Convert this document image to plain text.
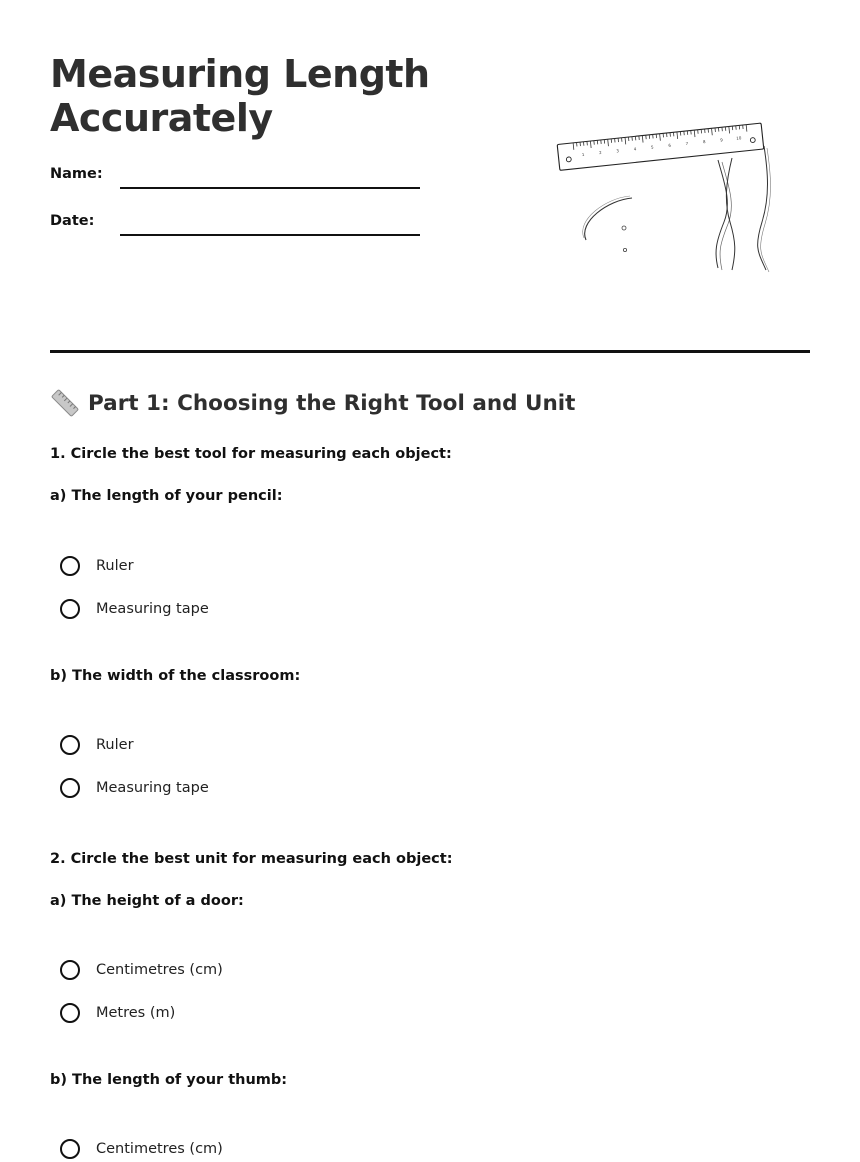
Measuring Length
Accurately
Name:
Date:
1	2	3	4	5	6	7	8	9	10
Part 1: Choosing the Right Tool and Unit
1. Circle the best tool for measuring each object:
a) The length of your pencil:
Ruler
Measuring tape
b) The width of the classroom:
Ruler
Measuring tape
2. Circle the best unit for measuring each object:
a) The height of a door:
Centimetres (cm)
Metres (m)
b) The length of your thumb:
Centimetres (cm)
